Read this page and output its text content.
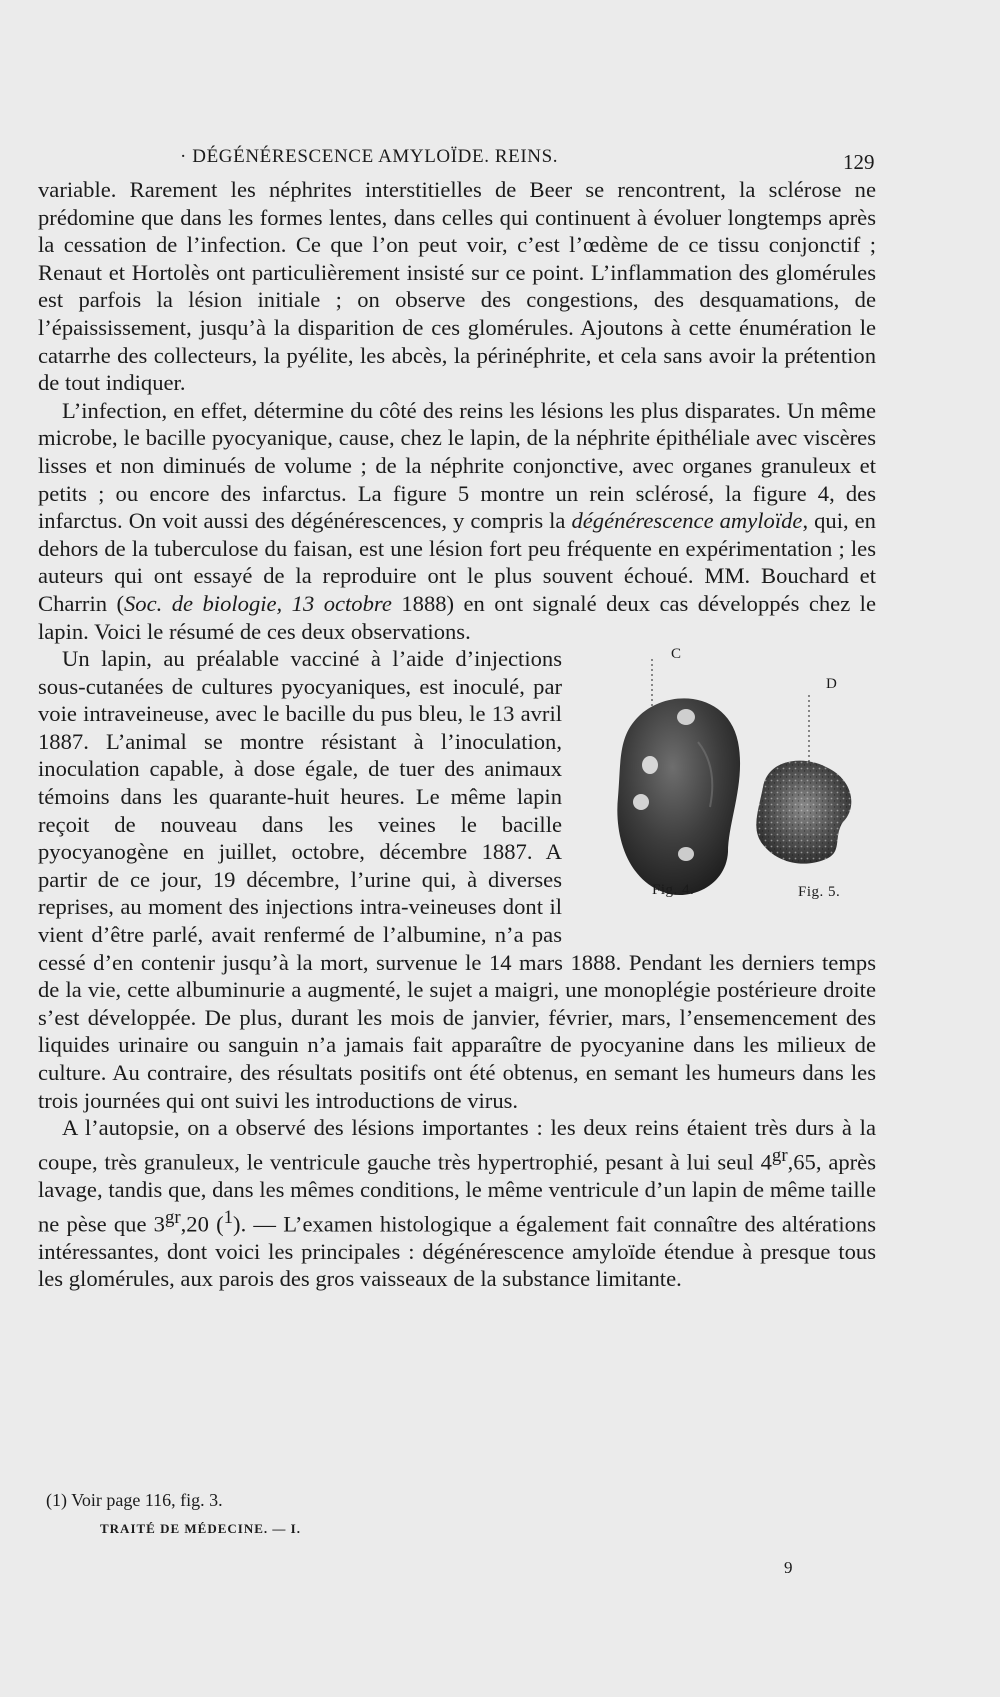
· DÉGÉNÉRESCENCE AMYLOÏDE. REINS.	129

variable. Rarement les néphrites interstitielles de Beer se rencontrent, la sclérose ne prédomine que dans les formes lentes, dans celles qui continuent à évoluer longtemps après la cessation de l’infection. Ce que l’on peut voir, c’est l’œdème de ce tissu conjonctif ; Renaut et Hortolès ont particulièrement insisté sur ce point. L’inflammation des glomérules est parfois la lésion initiale ; on observe des congestions, des desquamations, de l’épaississement, jusqu’à la disparition de ces glomérules. Ajoutons à cette énumération le catarrhe des collecteurs, la pyélite, les abcès, la périnéphrite, et cela sans avoir la prétention de tout indiquer.

L’infection, en effet, détermine du côté des reins les lésions les plus disparates. Un même microbe, le bacille pyocyanique, cause, chez le lapin, de la néphrite épithéliale avec viscères lisses et non diminués de volume ; de la néphrite conjonctive, avec organes granuleux et petits ; ou encore des infarctus. La figure 5 montre un rein sclérosé, la figure 4, des infarctus. On voit aussi des dégénérescences, y compris la dégénérescence amyloïde, qui, en dehors de la tuberculose du faisan, est une lésion fort peu fréquente en expérimentation ; les auteurs qui ont essayé de la reproduire ont le plus souvent échoué. MM. Bouchard et Charrin (Soc. de biologie, 13 octobre 1888) en ont signalé deux cas développés chez le lapin. Voici le résumé de ces deux observations.

C
D
Fig. 4.	Fig. 5.
Un lapin, au préalable vacciné à l’aide d’injections sous-cutanées de cultures pyocyaniques, est inoculé, par voie intraveineuse, avec le bacille du pus bleu, le 13 avril 1887. L’animal se montre résistant à l’inoculation, inoculation capable, à dose égale, de tuer des animaux témoins dans les quarante-huit heures. Le même lapin reçoit de nouveau dans les veines le bacille pyocyanogène en juillet, octobre, décembre 1887. A partir de ce jour, 19 décembre, l’urine qui, à diverses reprises, au moment des injections intra-veineuses dont il vient d’être parlé, avait renfermé de l’albumine, n’a pas cessé d’en contenir jusqu’à la mort, survenue le 14 mars 1888. Pendant les derniers temps de la vie, cette albuminurie a augmenté, le sujet a maigri, une monoplégie postérieure droite s’est développée. De plus, durant les mois de janvier, février, mars, l’ensemencement des liquides urinaire ou sanguin n’a jamais fait apparaître de pyocyanine dans les milieux de culture. Au contraire, des résultats positifs ont été obtenus, en semant les humeurs dans les trois journées qui ont suivi les introductions de virus.

A l’autopsie, on a observé des lésions importantes : les deux reins étaient très durs à la coupe, très granuleux, le ventricule gauche très hypertrophié, pesant à lui seul $4^{gr},65$, après lavage, tandis que, dans les mêmes conditions, le même ventricule d’un lapin de même taille ne pèse que $3^{gr},20$ ($^1$). — L’examen histologique a également fait connaître des altérations intéressantes, dont voici les principales : dégénérescence amyloïde étendue à presque tous les glomérules, aux parois des gros vaisseaux de la substance limitante.

(1) Voir page 116, fig. 3.
TRAITÉ DE MÉDECINE. — I.
9
